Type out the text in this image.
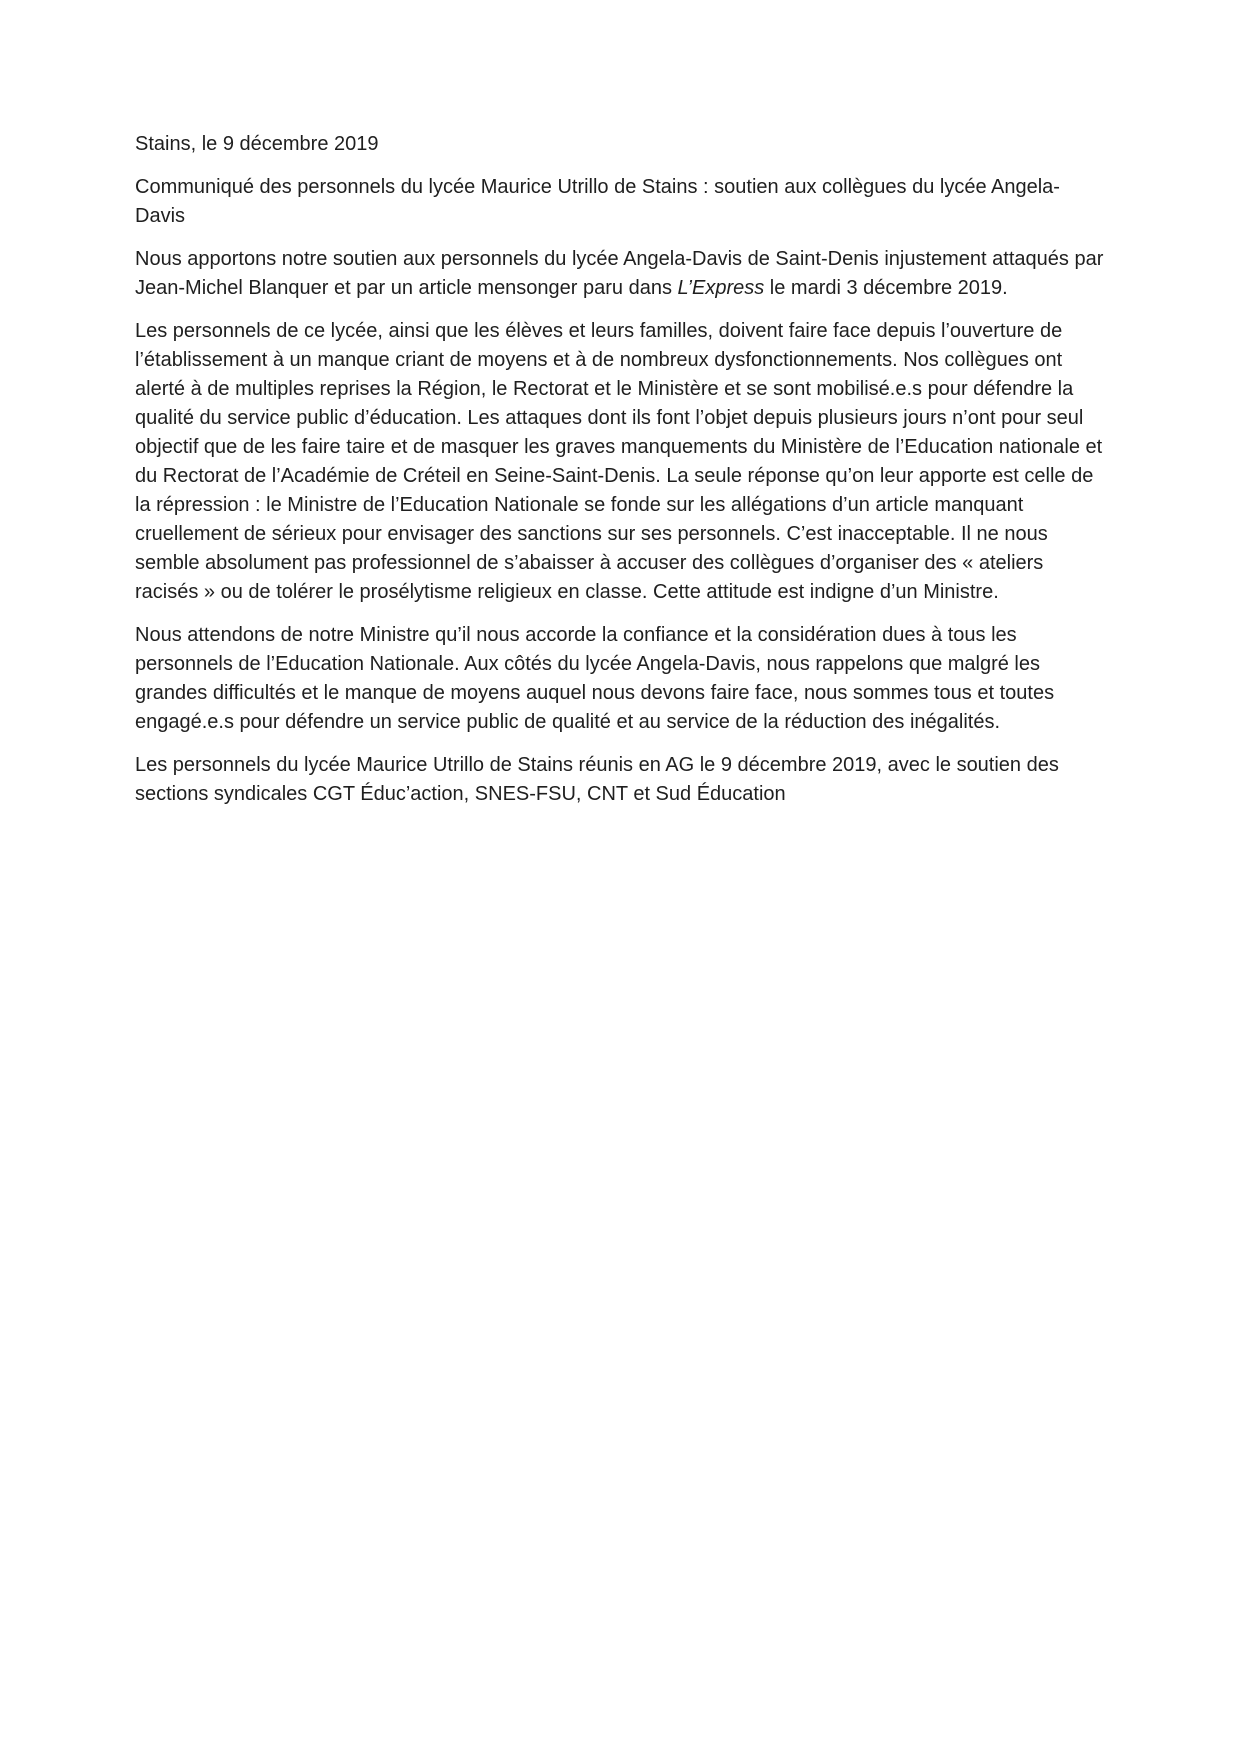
Stains, le 9 décembre 2019

Communiqué des personnels du lycée Maurice Utrillo de Stains : soutien aux collègues du lycée Angela-Davis

Nous apportons notre soutien aux personnels du lycée Angela-Davis de Saint-Denis injustement attaqués par Jean-Michel Blanquer et par un article mensonger paru dans L’Express le mardi 3 décembre 2019.

Les personnels de ce lycée, ainsi que les élèves et leurs familles, doivent faire face depuis l’ouverture de l’établissement à un manque criant de moyens et à de nombreux dysfonctionnements. Nos collègues ont alerté à de multiples reprises la Région, le Rectorat et le Ministère et se sont mobilisé.e.s pour défendre la qualité du service public d’éducation. Les attaques dont ils font l’objet depuis plusieurs jours n’ont pour seul objectif que de les faire taire et de masquer les graves manquements du Ministère de l’Education nationale et du Rectorat de l’Académie de Créteil en Seine-Saint-Denis. La seule réponse qu’on leur apporte est celle de la répression : le Ministre de l’Education Nationale se fonde sur les allégations d’un article manquant cruellement de sérieux pour envisager des sanctions sur ses personnels. C’est inacceptable. Il ne nous semble absolument pas professionnel de s’abaisser à accuser des collègues d’organiser des « ateliers racisés » ou de tolérer le prosélytisme religieux en classe. Cette attitude est indigne d’un Ministre.

Nous attendons de notre Ministre qu’il nous accorde la confiance et la considération dues à tous les personnels de l’Education Nationale. Aux côtés du lycée Angela-Davis, nous rappelons que malgré les grandes difficultés et le manque de moyens auquel nous devons faire face, nous sommes tous et toutes engagé.e.s pour défendre un service public de qualité et au service de la réduction des inégalités.

Les personnels du lycée Maurice Utrillo de Stains réunis en AG le 9 décembre 2019, avec le soutien des sections syndicales CGT Éduc’action, SNES-FSU, CNT et Sud Éducation
